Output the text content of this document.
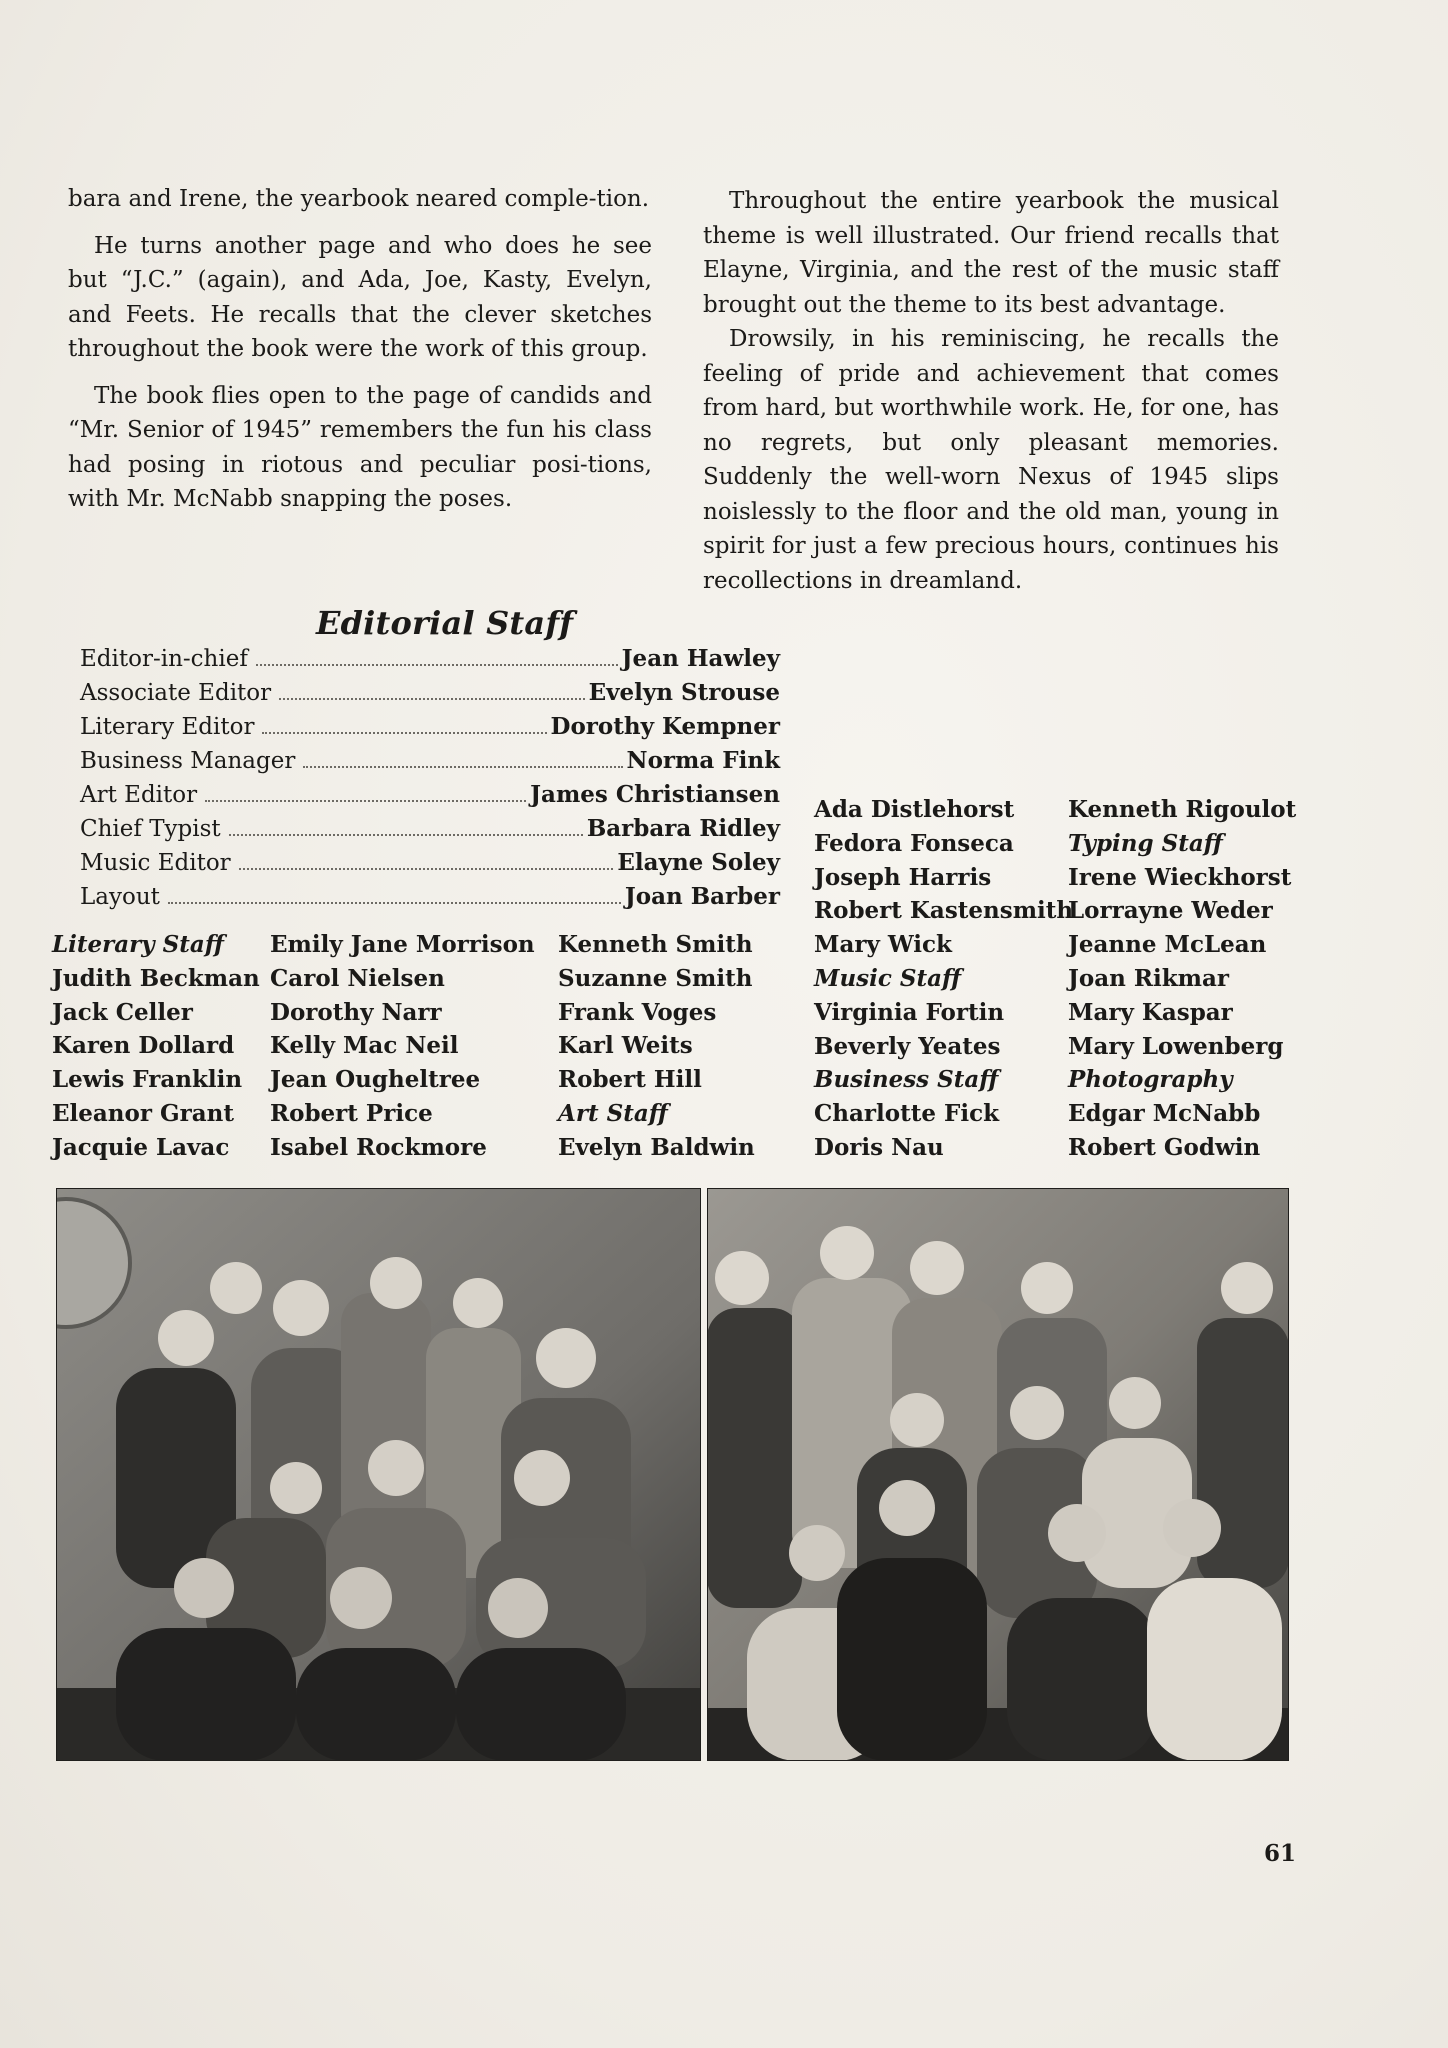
bara and Irene, the yearbook neared comple-tion.

He turns another page and who does he see but “J.C.” (again), and Ada, Joe, Kasty, Evelyn, and Feets. He recalls that the clever sketches throughout the book were the work of this group.

The book flies open to the page of candids and “Mr. Senior of 1945” remembers the fun his class had posing in riotous and peculiar posi-tions, with Mr. McNabb snapping the poses.

Throughout the entire yearbook the musical theme is well illustrated. Our friend recalls that Elayne, Virginia, and the rest of the music staff brought out the theme to its best advantage.

Drowsily, in his reminiscing, he recalls the feeling of pride and achievement that comes from hard, but worthwhile work. He, for one, has no regrets, but only pleasant memories. Suddenly the well-worn Nexus of 1945 slips noislessly to the floor and the old man, young in spirit for just a few precious hours, continues his recollections in dreamland.

Editorial Staff
Editor-in-chief	Jean Hawley
Associate Editor	Evelyn Strouse
Literary Editor	Dorothy Kempner
Business Manager	Norma Fink
Art Editor	James Christiansen
Chief Typist	Barbara Ridley
Music Editor	Elayne Soley
Layout	Joan Barber
Literary Staff
Judith Beckman
Jack Celler
Karen Dollard
Lewis Franklin
Eleanor Grant
Jacquie Lavac
Emily Jane Morrison
Carol Nielsen
Dorothy Narr
Kelly Mac Neil
Jean Ougheltree
Robert Price
Isabel Rockmore
Kenneth Smith
Suzanne Smith
Frank Voges
Karl Weits
Robert Hill
Art Staff
Evelyn Baldwin
Ada Distlehorst
Fedora Fonseca
Joseph Harris
Robert Kastensmith
Mary Wick
Music Staff
Virginia Fortin
Beverly Yeates
Business Staff
Charlotte Fick
Doris Nau
Kenneth Rigoulot
Typing Staff
Irene Wieckhorst
Lorrayne Weder
Jeanne McLean
Joan Rikmar
Mary Kaspar
Mary Lowenberg
Photography
Edgar McNabb
Robert Godwin
61
